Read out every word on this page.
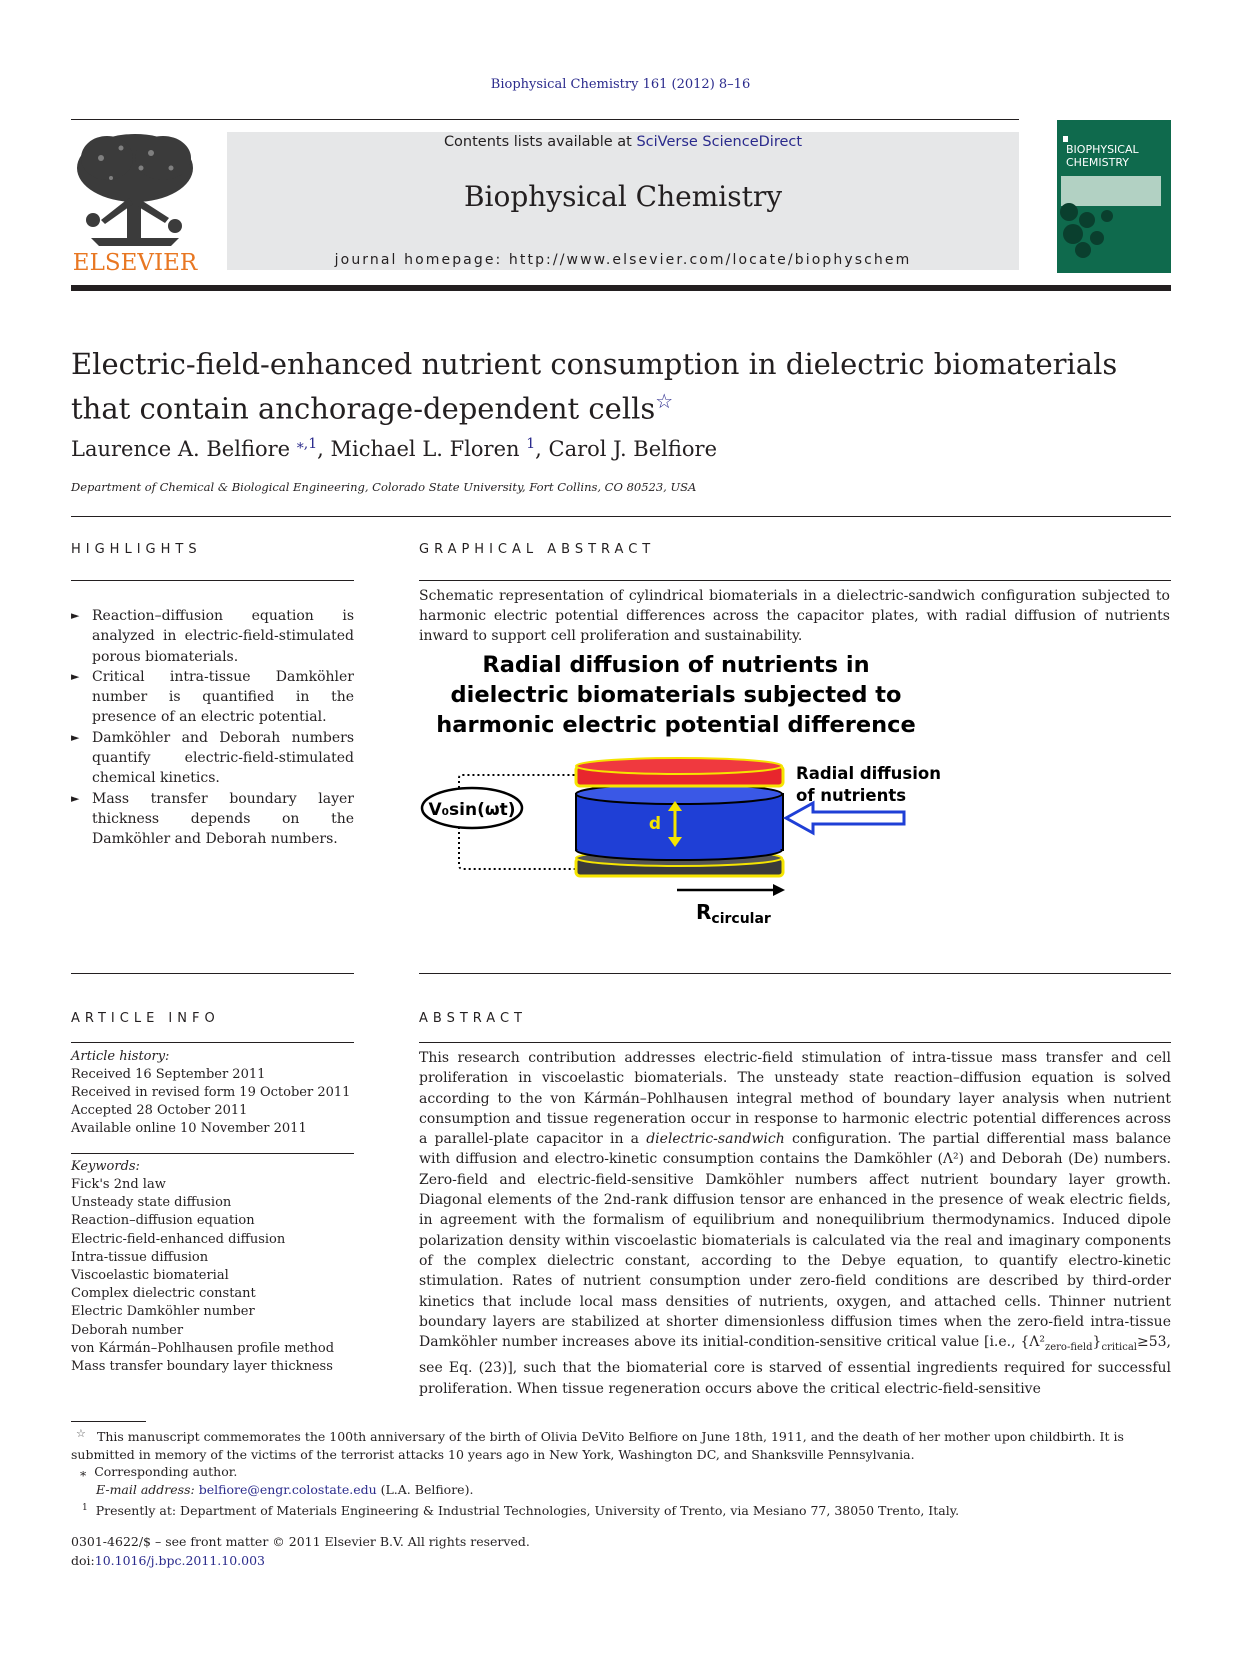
Biophysical Chemistry 161 (2012) 8–16
ELSEVIER
Contents lists available at SciVerse ScienceDirect
Biophysical Chemistry
journal homepage: http://www.elsevier.com/locate/biophyschem
BIOPHYSICAL
CHEMISTRY
Electric-field-enhanced nutrient consumption in dielectric biomaterials that contain anchorage-dependent cells☆
Laurence A. Belfiore $^{⁎,1}$, Michael L. Floren $^1$, Carol J. Belfiore
Department of Chemical & Biological Engineering, Colorado State University, Fort Collins, CO 80523, USA
HIGHLIGHTS
► Reaction–diffusion equation is analyzed in electric-field-stimulated porous biomaterials.
► Critical intra-tissue Damköhler number is quantified in the presence of an electric potential.
► Damköhler and Deborah numbers quantify electric-field-stimulated chemical kinetics.
► Mass transfer boundary layer thickness depends on the Damköhler and Deborah numbers.
GRAPHICAL ABSTRACT
Schematic representation of cylindrical biomaterials in a dielectric-sandwich configuration subjected to harmonic electric potential differences across the capacitor plates, with radial diffusion of nutrients inward to support cell proliferation and sustainability.
Radial diffusion of nutrients in
dielectric biomaterials subjected to
harmonic electric potential difference
V₀sin(ωt)
d
Radial diffusion
of nutrients
$R_{circular}$
ARTICLE INFO
Article history:
Received 16 September 2011
Received in revised form 19 October 2011
Accepted 28 October 2011
Available online 10 November 2011
Keywords:
Fick's 2nd law
Unsteady state diffusion
Reaction–diffusion equation
Electric-field-enhanced diffusion
Intra-tissue diffusion
Viscoelastic biomaterial
Complex dielectric constant
Electric Damköhler number
Deborah number
von Kármán–Pohlhausen profile method
Mass transfer boundary layer thickness
ABSTRACT
This research contribution addresses electric-field stimulation of intra-tissue mass transfer and cell proliferation in viscoelastic biomaterials. The unsteady state reaction–diffusion equation is solved according to the von Kármán–Pohlhausen integral method of boundary layer analysis when nutrient consumption and tissue regeneration occur in response to harmonic electric potential differences across a parallel-plate capacitor in a dielectric-sandwich configuration. The partial differential mass balance with diffusion and electro-kinetic consumption contains the Damköhler (Λ²) and Deborah (De) numbers. Zero-field and electric-field-sensitive Damköhler numbers affect nutrient boundary layer growth. Diagonal elements of the 2nd-rank diffusion tensor are enhanced in the presence of weak electric fields, in agreement with the formalism of equilibrium and nonequilibrium thermodynamics. Induced dipole polarization density within viscoelastic biomaterials is calculated via the real and imaginary components of the complex dielectric constant, according to the Debye equation, to quantify electro-kinetic stimulation. Rates of nutrient consumption under zero-field conditions are described by third-order kinetics that include local mass densities of nutrients, oxygen, and attached cells. Thinner nutrient boundary layers are stabilized at shorter dimensionless diffusion times when the zero-field intra-tissue Damköhler number increases above its initial-condition-sensitive critical value [i.e., $\{\Lambda^2_{zero-field}\}_{critical}\ge 53$, see Eq. (23)], such that the biomaterial core is starved of essential ingredients required for successful proliferation. When tissue regeneration occurs above the critical electric-field-sensitive
☆ This manuscript commemorates the 100th anniversary of the birth of Olivia DeVito Belfiore on June 18th, 1911, and the death of her mother upon childbirth. It is submitted in memory of the victims of the terrorist attacks 10 years ago in New York, Washington DC, and Shanksville Pennsylvania.
⁎ Corresponding author.
E-mail address: belfiore@engr.colostate.edu (L.A. Belfiore).
$^1$ Presently at: Department of Materials Engineering & Industrial Technologies, University of Trento, via Mesiano 77, 38050 Trento, Italy.
0301-4622/$ – see front matter © 2011 Elsevier B.V. All rights reserved.
doi:10.1016/j.bpc.2011.10.003
